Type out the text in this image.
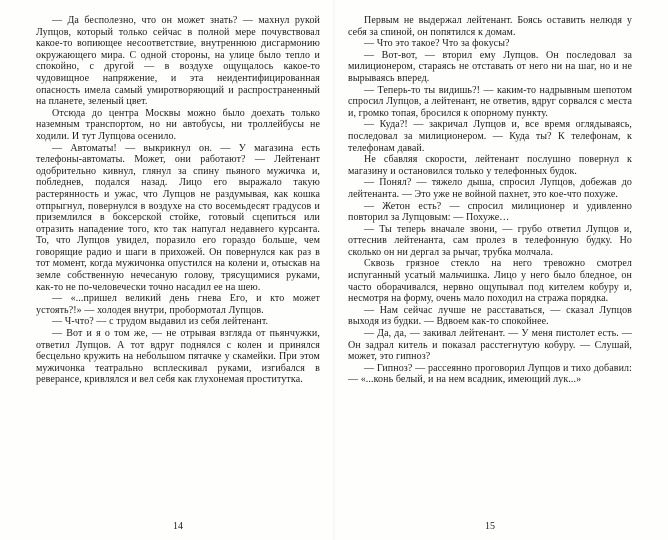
— Да бесполезно, что он может знать? — махнул рукой Лупцов, который только сейчас в полной мере почувствовал какое-то вопиющее несоответствие, внутреннюю дисгармонию окружающего мира. С одной стороны, на улице было тепло и спокойно, с другой — в воздухе ощущалось какое-то чудовищное напряжение, и эта неидентифицированная опасность имела самый умиротворяющий и распространенный на планете, зеленый цвет.

Отсюда до центра Москвы можно было доехать только наземным транспортом, но ни автобусы, ни троллейбусы не ходили. И тут Лупцова осенило.

— Автоматы! — выкрикнул он. — У магазина есть телефоны-автоматы. Может, они работают? — Лейтенант одобрительно кивнул, глянул за спину пьяного мужичка и, побледнев, подался назад. Лицо его выражало такую растерянность и ужас, что Лупцов не раздумывая, как кошка отпрыгнул, повернулся в воздухе на сто восемьдесят градусов и приземлился в боксерской стойке, готовый сцепиться или отразить нападение того, кто так напугал недавнего курсанта. То, что Лупцов увидел, поразило его гораздо больше, чем говорящие радио и шаги в прихожей. Он повернулся как раз в тот момент, когда мужичонка опустился на колени и, отыскав на земле собственную нечесаную голову, трясущимися руками, как-то не по-человечески точно насадил ее на шею.

— «...пришел великий день гнева Его, и кто может устоять?!» — холодея внутри, пробормотал Лупцов.

— Ч-что? — с трудом выдавил из себя лейтенант.

— Вот и я о том же, — не отрывая взгляда от пьянчужки, ответил Лупцов. А тот вдруг поднялся с колен и принялся бесцельно кружить на небольшом пятачке у скамейки. При этом мужичонка театрально всплескивал руками, изгибался в реверансе, кривлялся и вел себя как глухонемая проститутка.

14

Первым не выдержал лейтенант. Боясь оставить нелюдя у себя за спиной, он попятился к домам.

— Что это такое? Что за фокусы?

— Вот-вот, — вторил ему Лупцов. Он последовал за милиционером, стараясь не отставать от него ни на шаг, но и не вырываясь вперед.

— Теперь-то ты видишь?! — каким-то надрывным шепотом спросил Лупцов, а лейтенант, не ответив, вдруг сорвался с места и, громко топая, бросился к опорному пункту.

— Куда?! — закричал Лупцов и, все время оглядываясь, последовал за милиционером. — Куда ты? К телефонам, к телефонам давай.

Не сбавляя скорости, лейтенант послушно повернул к магазину и остановился только у телефонных будок.

— Понял? — тяжело дыша, спросил Лупцов, добежав до лейтенанта. — Это уже не войной пахнет, это кое-что похуже.

— Жетон есть? — спросил милиционер и удивленно повторил за Лупцовым: — Похуже…

— Ты теперь вначале звони, — грубо ответил Лупцов и, оттеснив лейтенанта, сам пролез в телефонную будку. Но сколько он ни дергал за рычаг, трубка молчала.

Сквозь грязное стекло на него тревожно смотрел испуганный усатый мальчишка. Лицо у него было бледное, он часто оборачивался, нервно ощупывал под кителем кобуру и, несмотря на форму, очень мало походил на стража порядка.

— Нам сейчас лучше не расставаться, — сказал Лупцов выходя из будки. — Вдвоем как-то спокойнее.

— Да, да, — закивал лейтенант. — У меня пистолет есть. — Он задрал китель и показал расстегнутую кобуру. — Слушай, может, это гипноз?

— Гипноз? — рассеянно проговорил Лупцов и тихо добавил: — «...конь белый, и на нем всадник, имеющий лук...»

15
